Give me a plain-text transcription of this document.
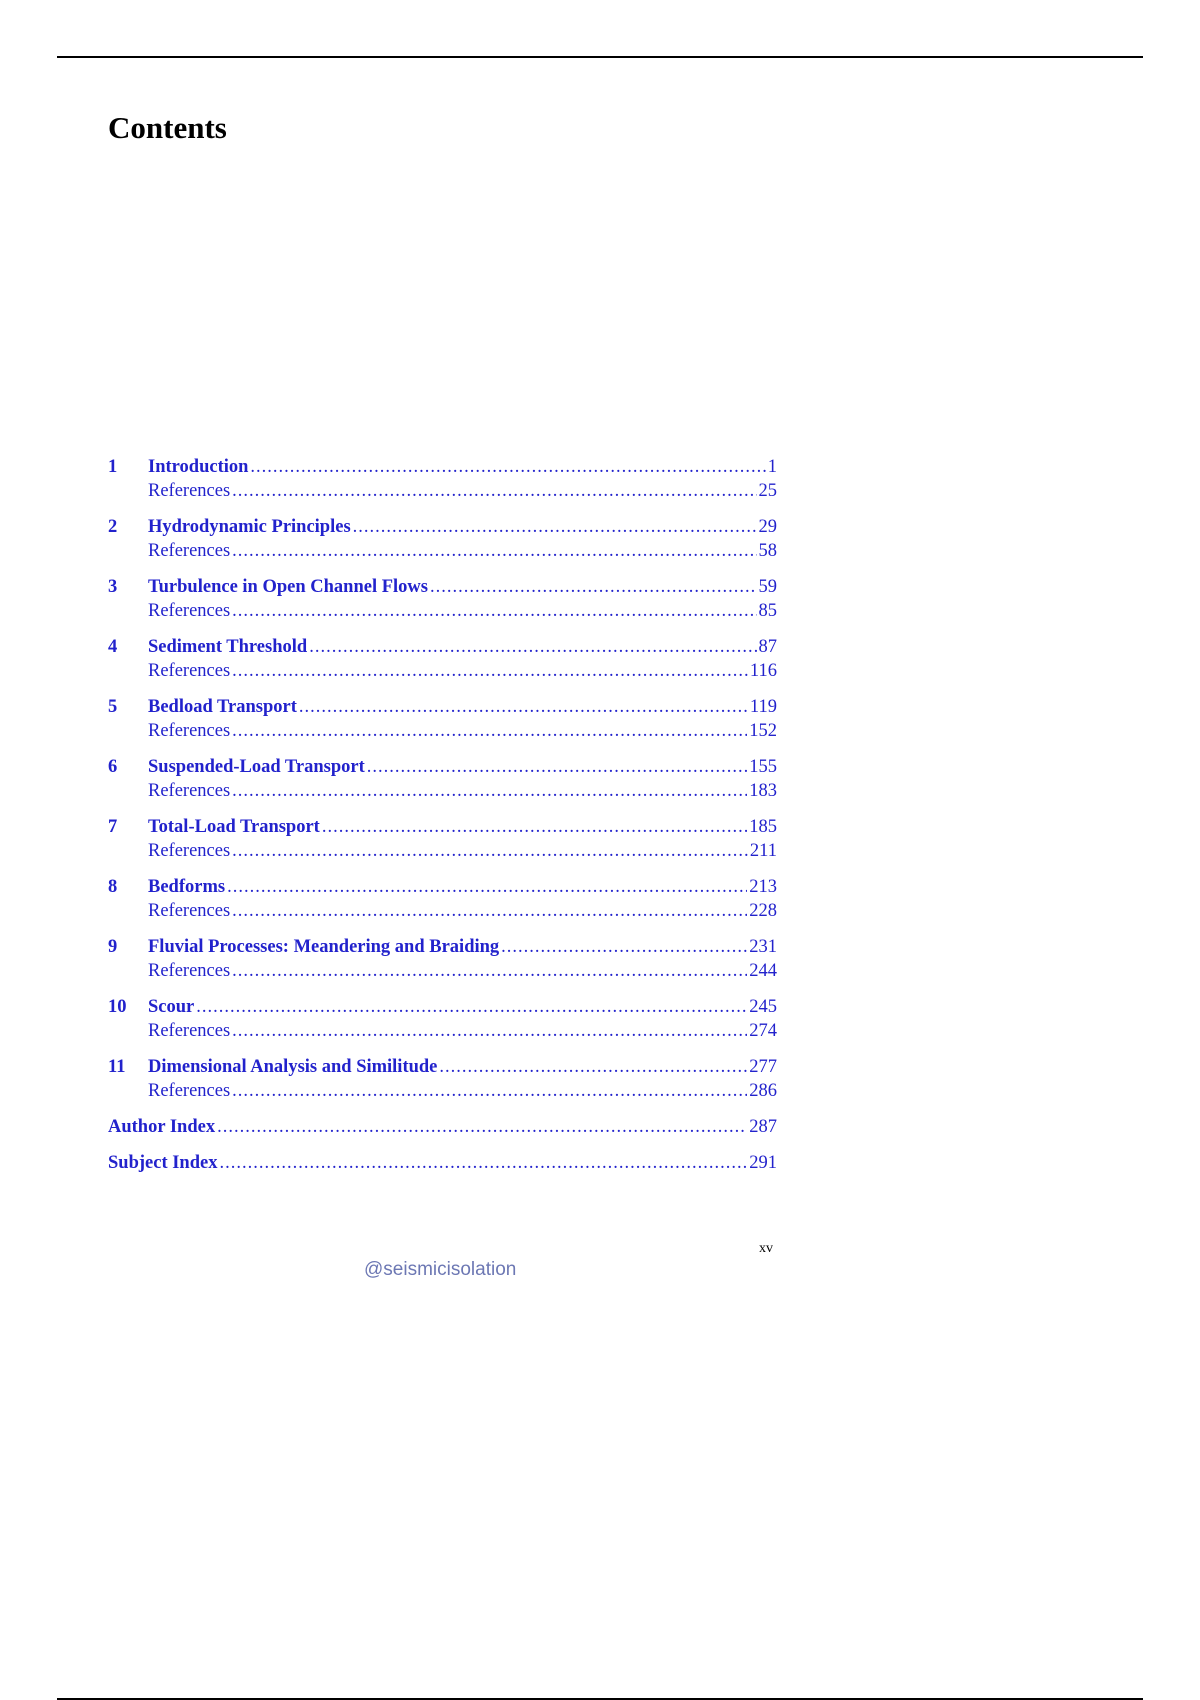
Contents
1	Introduction .....	1
References .....	25
2	Hydrodynamic Principles .....	29
References .....	58
3	Turbulence in Open Channel Flows .....	59
References .....	85
4	Sediment Threshold .....	87
References .....	116
5	Bedload Transport .....	119
References .....	152
6	Suspended-Load Transport .....	155
References .....	183
7	Total-Load Transport .....	185
References .....	211
8	Bedforms .....	213
References .....	228
9	Fluvial Processes: Meandering and Braiding .....	231
References .....	244
10	Scour .....	245
References .....	274
11	Dimensional Analysis and Similitude .....	277
References .....	286
Author Index .....	287
Subject Index .....	291
xv
@seismicisolation
